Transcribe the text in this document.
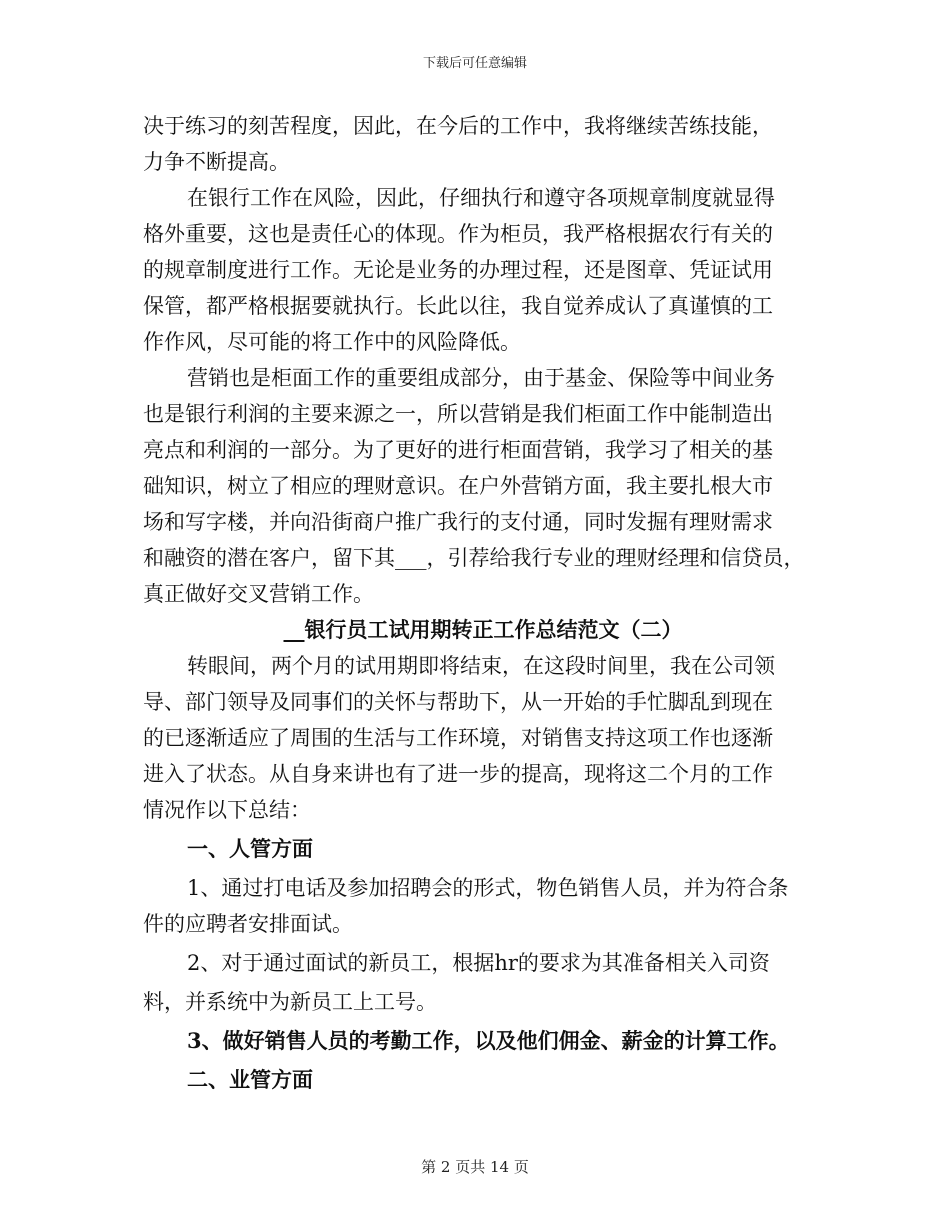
下载后可任意编辑
决于练习的刻苦程度，因此，在今后的工作中，我将继续苦练技能，
力争不断提高。
在银行工作在风险，因此，仔细执行和遵守各项规章制度就显得
格外重要，这也是责任心的体现。作为柜员，我严格根据农行有关的
的规章制度进行工作。无论是业务的办理过程，还是图章、凭证试用
保管，都严格根据要就执行。长此以往，我自觉养成认了真谨慎的工
作作风，尽可能的将工作中的风险降低。
营销也是柜面工作的重要组成部分，由于基金、保险等中间业务
也是银行利润的主要来源之一，所以营销是我们柜面工作中能制造出
亮点和利润的一部分。为了更好的进行柜面营销，我学习了相关的基
础知识，树立了相应的理财意识。在户外营销方面，我主要扎根大市
场和写字楼，并向沿街商户推广我行的支付通，同时发掘有理财需求
和融资的潜在客户，留下其___，引荐给我行专业的理财经理和信贷员，
真正做好交叉营销工作。
__银行员工试用期转正工作总结范文（二）
转眼间，两个月的试用期即将结束，在这段时间里，我在公司领
导、部门领导及同事们的关怀与帮助下，从一开始的手忙脚乱到现在
的已逐渐适应了周围的生活与工作环境，对销售支持这项工作也逐渐
进入了状态。从自身来讲也有了进一步的提高，现将这二个月的工作
情况作以下总结：
一、人管方面
1、通过打电话及参加招聘会的形式，物色销售人员，并为符合条
件的应聘者安排面试。
2、对于通过面试的新员工，根据hr的要求为其准备相关入司资
料，并系统中为新员工上工号。
3、做好销售人员的考勤工作，以及他们佣金、薪金的计算工作。
二、业管方面
第 2 页共 14 页
